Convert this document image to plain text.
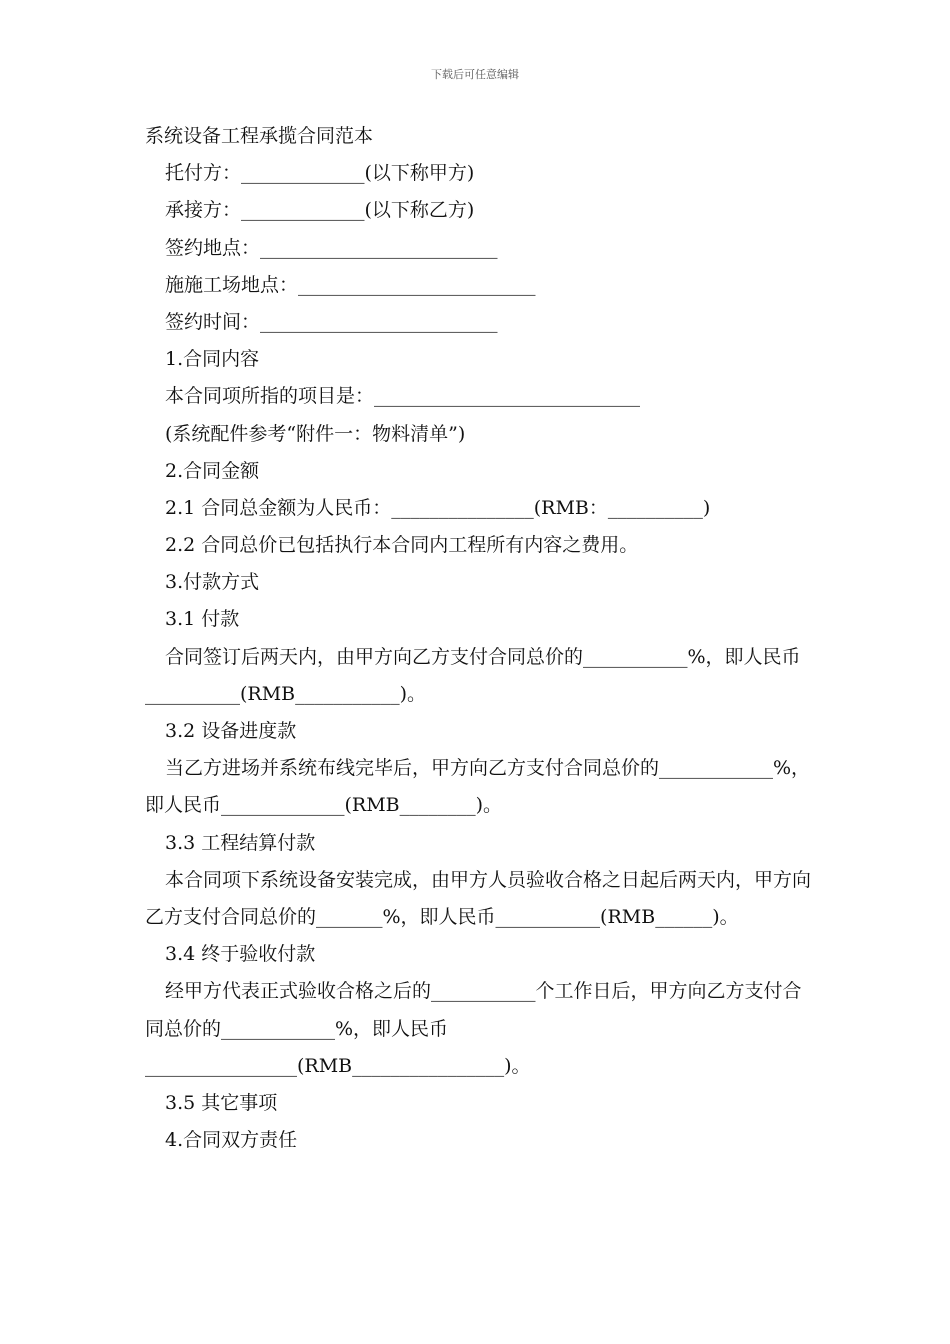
下载后可任意编辑
系统设备工程承揽合同范本
托付方：_____________(以下称甲方)
承接方：_____________(以下称乙方)
签约地点：_________________________
施施工场地点：_________________________
签约时间：_________________________
1.合同内容
本合同项所指的项目是：____________________________
(系统配件参考“附件一：物料清单”)
2.合同金额
2.1 合同总金额为人民币：_______________(RMB：__________)
2.2 合同总价已包括执行本合同内工程所有内容之费用。
3.付款方式
3.1 付款
合同签订后两天内，由甲方向乙方支付合同总价的___________%，即人民币__________(RMB___________)。
3.2 设备进度款
当乙方进场并系统布线完毕后，甲方向乙方支付合同总价的____________%，即人民币_____________(RMB________)。
3.3 工程结算付款
本合同项下系统设备安装完成，由甲方人员验收合格之日起后两天内，甲方向乙方支付合同总价的_______%，即人民币___________(RMB______)。
3.4 终于验收付款
经甲方代表正式验收合格之后的___________个工作日后，甲方向乙方支付合同总价的____________%，即人民币________________(RMB________________)。
3.5 其它事项
4.合同双方责任
